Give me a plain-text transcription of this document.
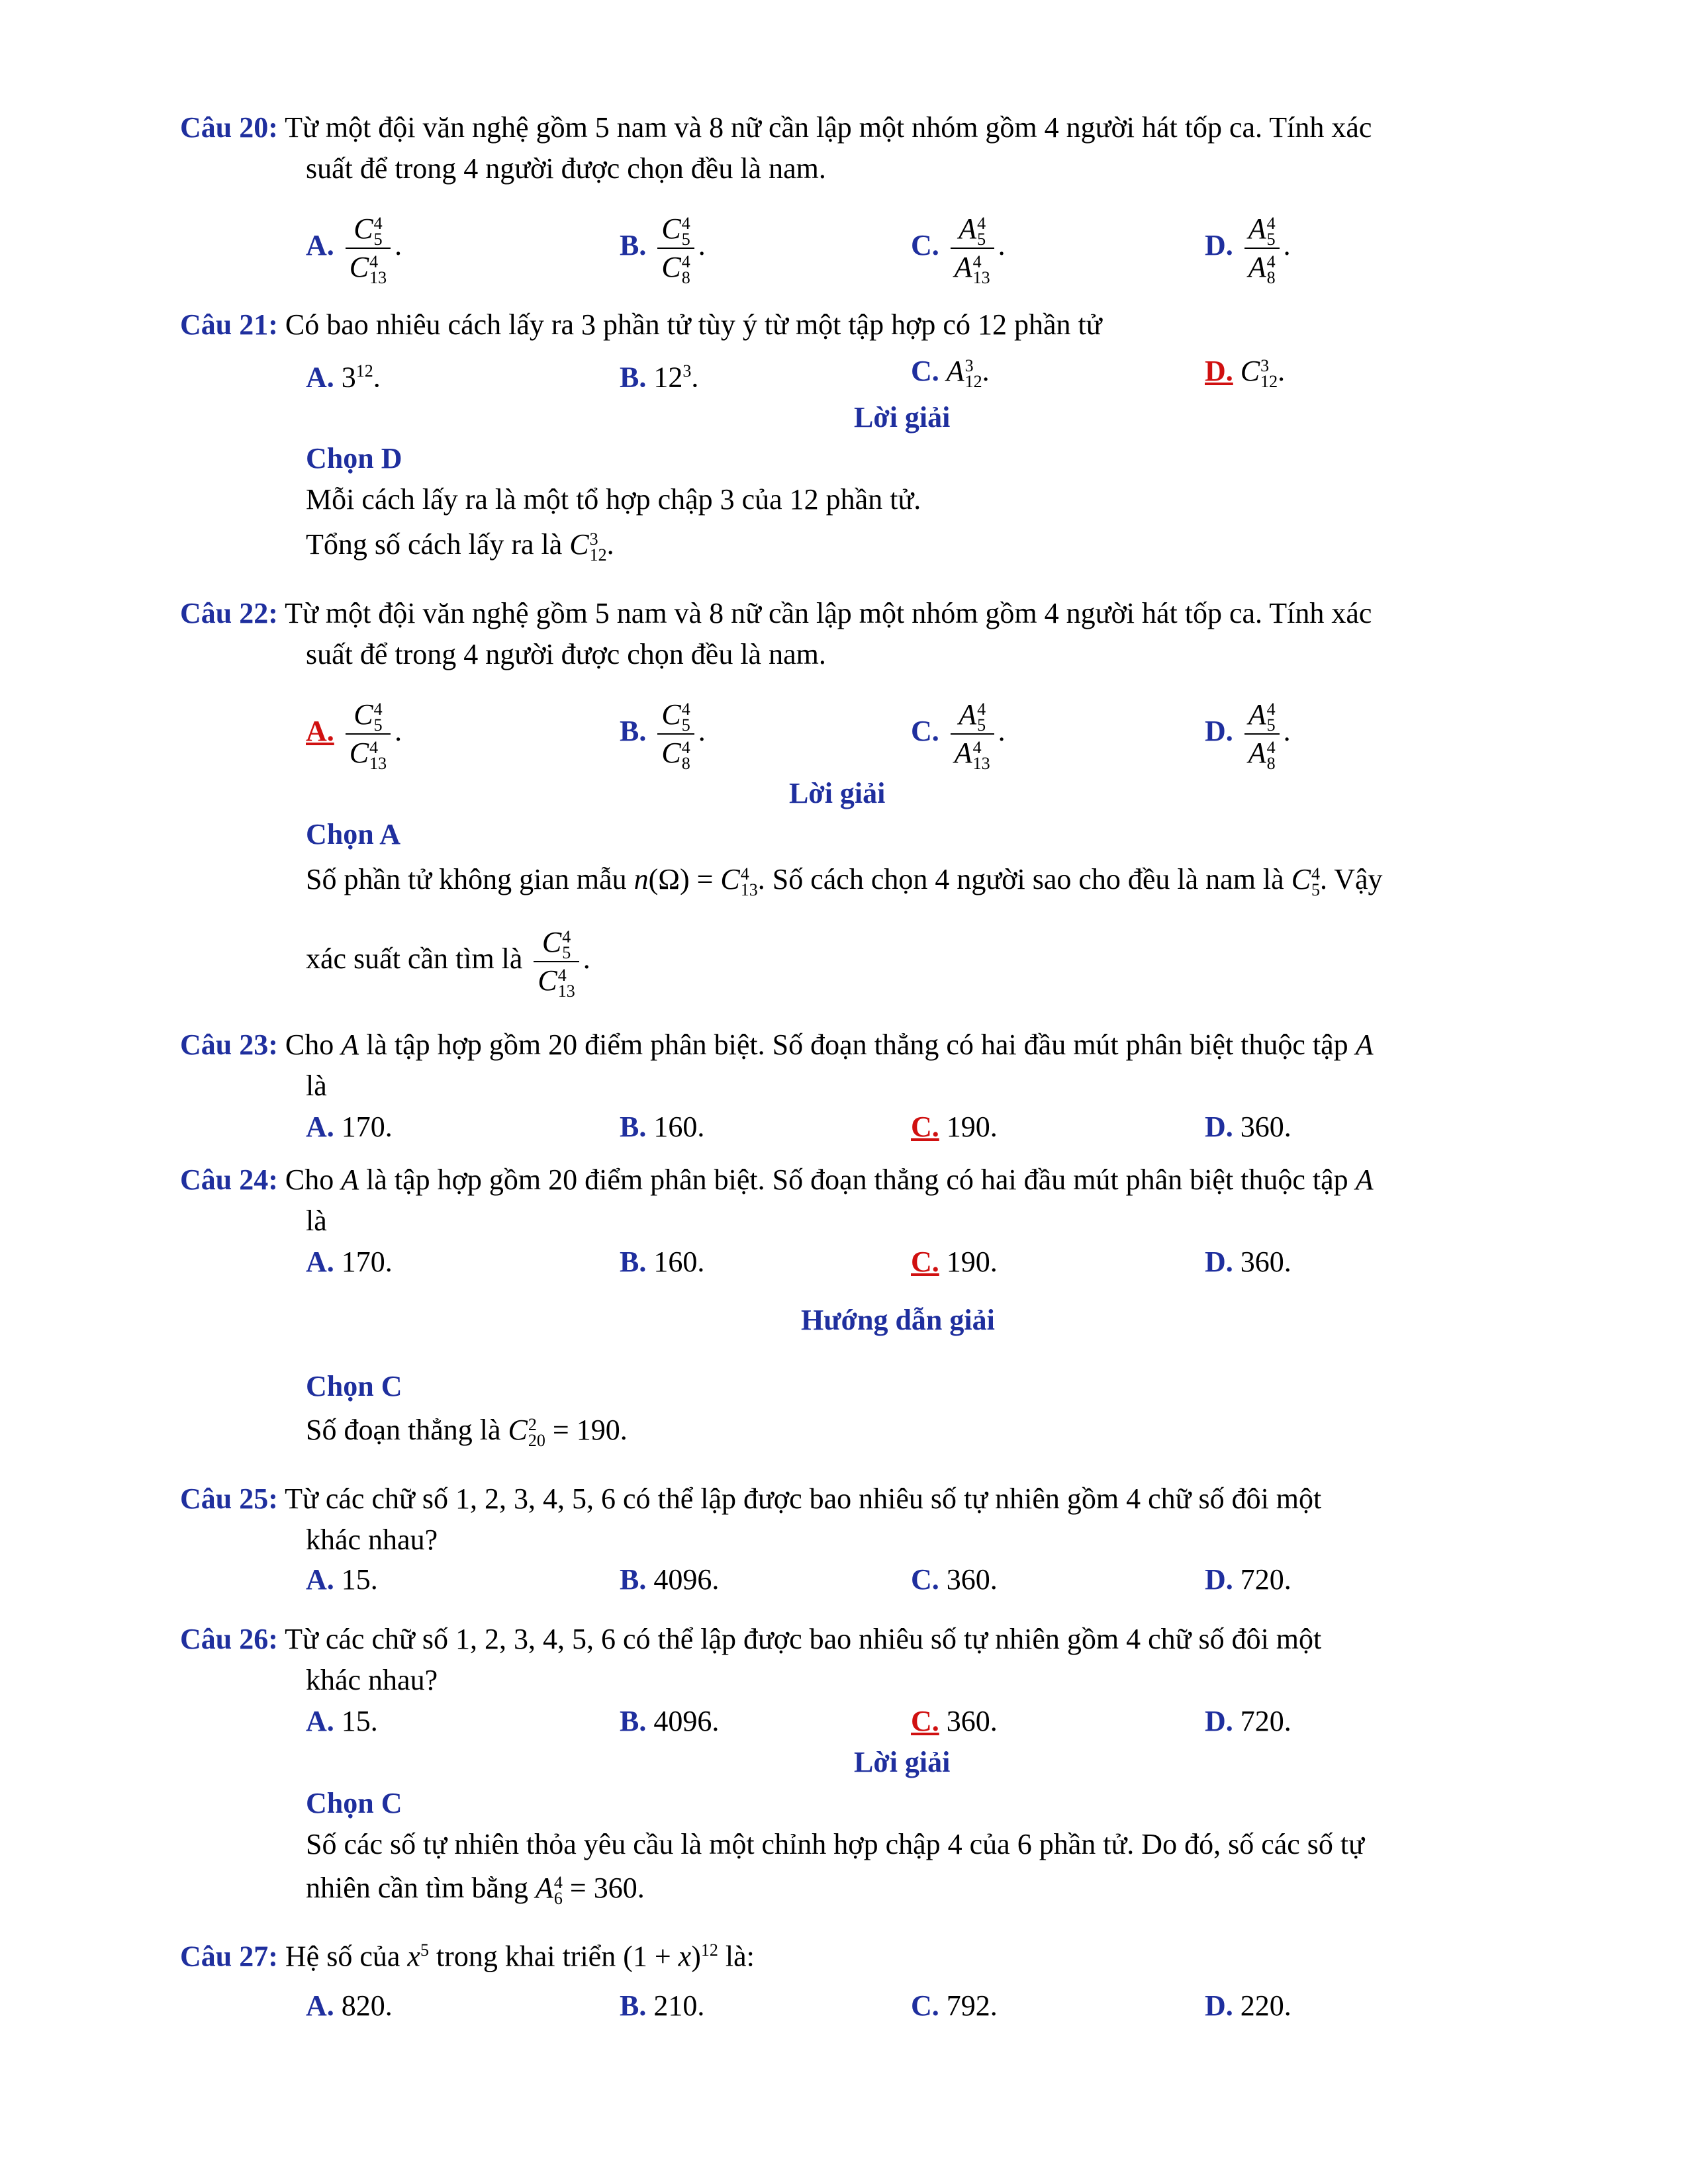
Câu 20: Từ một đội văn nghệ gồm 5 nam và 8 nữ cần lập một nhóm gồm 4 người hát tốp ca. Tính xác
suất để trong 4 người được chọn đều là nam.
A. C 4
5
C 4
13 .	B. C 4
5
C 4
8 .	C. A 4
5
A 4
13 .	D. A 4
5
A 4
8 .
Câu 21: Có bao nhiêu cách lấy ra 3 phần tử tùy ý từ một tập hợp có 12 phần tử
A. $3^{12}$.	B. $12^3$.	C. A 3
12 .	D. C 3
12 .
Lời giải
Chọn D
Mỗi cách lấy ra là một tổ hợp chập 3 của 12 phần tử.
Tổng số cách lấy ra là C 3
12 .
Câu 22: Từ một đội văn nghệ gồm 5 nam và 8 nữ cần lập một nhóm gồm 4 người hát tốp ca. Tính xác
suất để trong 4 người được chọn đều là nam.
A. C 4
5
C 4
13 .	B. C 4
5
C 4
8 .	C. A 4
5
A 4
13 .	D. A 4
5
A 4
8 .
Lời giải
Chọn A
Số phần tử không gian mẫu n(Ω) = C 4
13 . Số cách chọn 4 người sao cho đều là nam là C 4
5 . Vậy
xác suất cần tìm là C 4
5
C 4
13 .
Câu 23: Cho A là tập hợp gồm 20 điểm phân biệt. Số đoạn thẳng có hai đầu mút phân biệt thuộc tập A
là
A. 170.	B. 160.	C. 190.	D. 360.
Câu 24: Cho A là tập hợp gồm 20 điểm phân biệt. Số đoạn thẳng có hai đầu mút phân biệt thuộc tập A
là
A. 170.	B. 160.	C. 190.	D. 360.
Hướng dẫn giải
Chọn C
Số đoạn thẳng là C 2
20 = 190.
Câu 25: Từ các chữ số 1, 2, 3, 4, 5, 6 có thể lập được bao nhiêu số tự nhiên gồm 4 chữ số đôi một
khác nhau?
A. 15.	B. 4096.	C. 360.	D. 720.
Câu 26: Từ các chữ số 1, 2, 3, 4, 5, 6 có thể lập được bao nhiêu số tự nhiên gồm 4 chữ số đôi một
khác nhau?
A. 15.	B. 4096.	C. 360.	D. 720.
Lời giải
Chọn C
Số các số tự nhiên thỏa yêu cầu là một chỉnh hợp chập 4 của 6 phần tử. Do đó, số các số tự
nhiên cần tìm bằng A 4
6 = 360.
Câu 27: Hệ số của $x^5$ trong khai triển $(1 + x)^{12}$ là:
A. 820.	B. 210.	C. 792.	D. 220.
